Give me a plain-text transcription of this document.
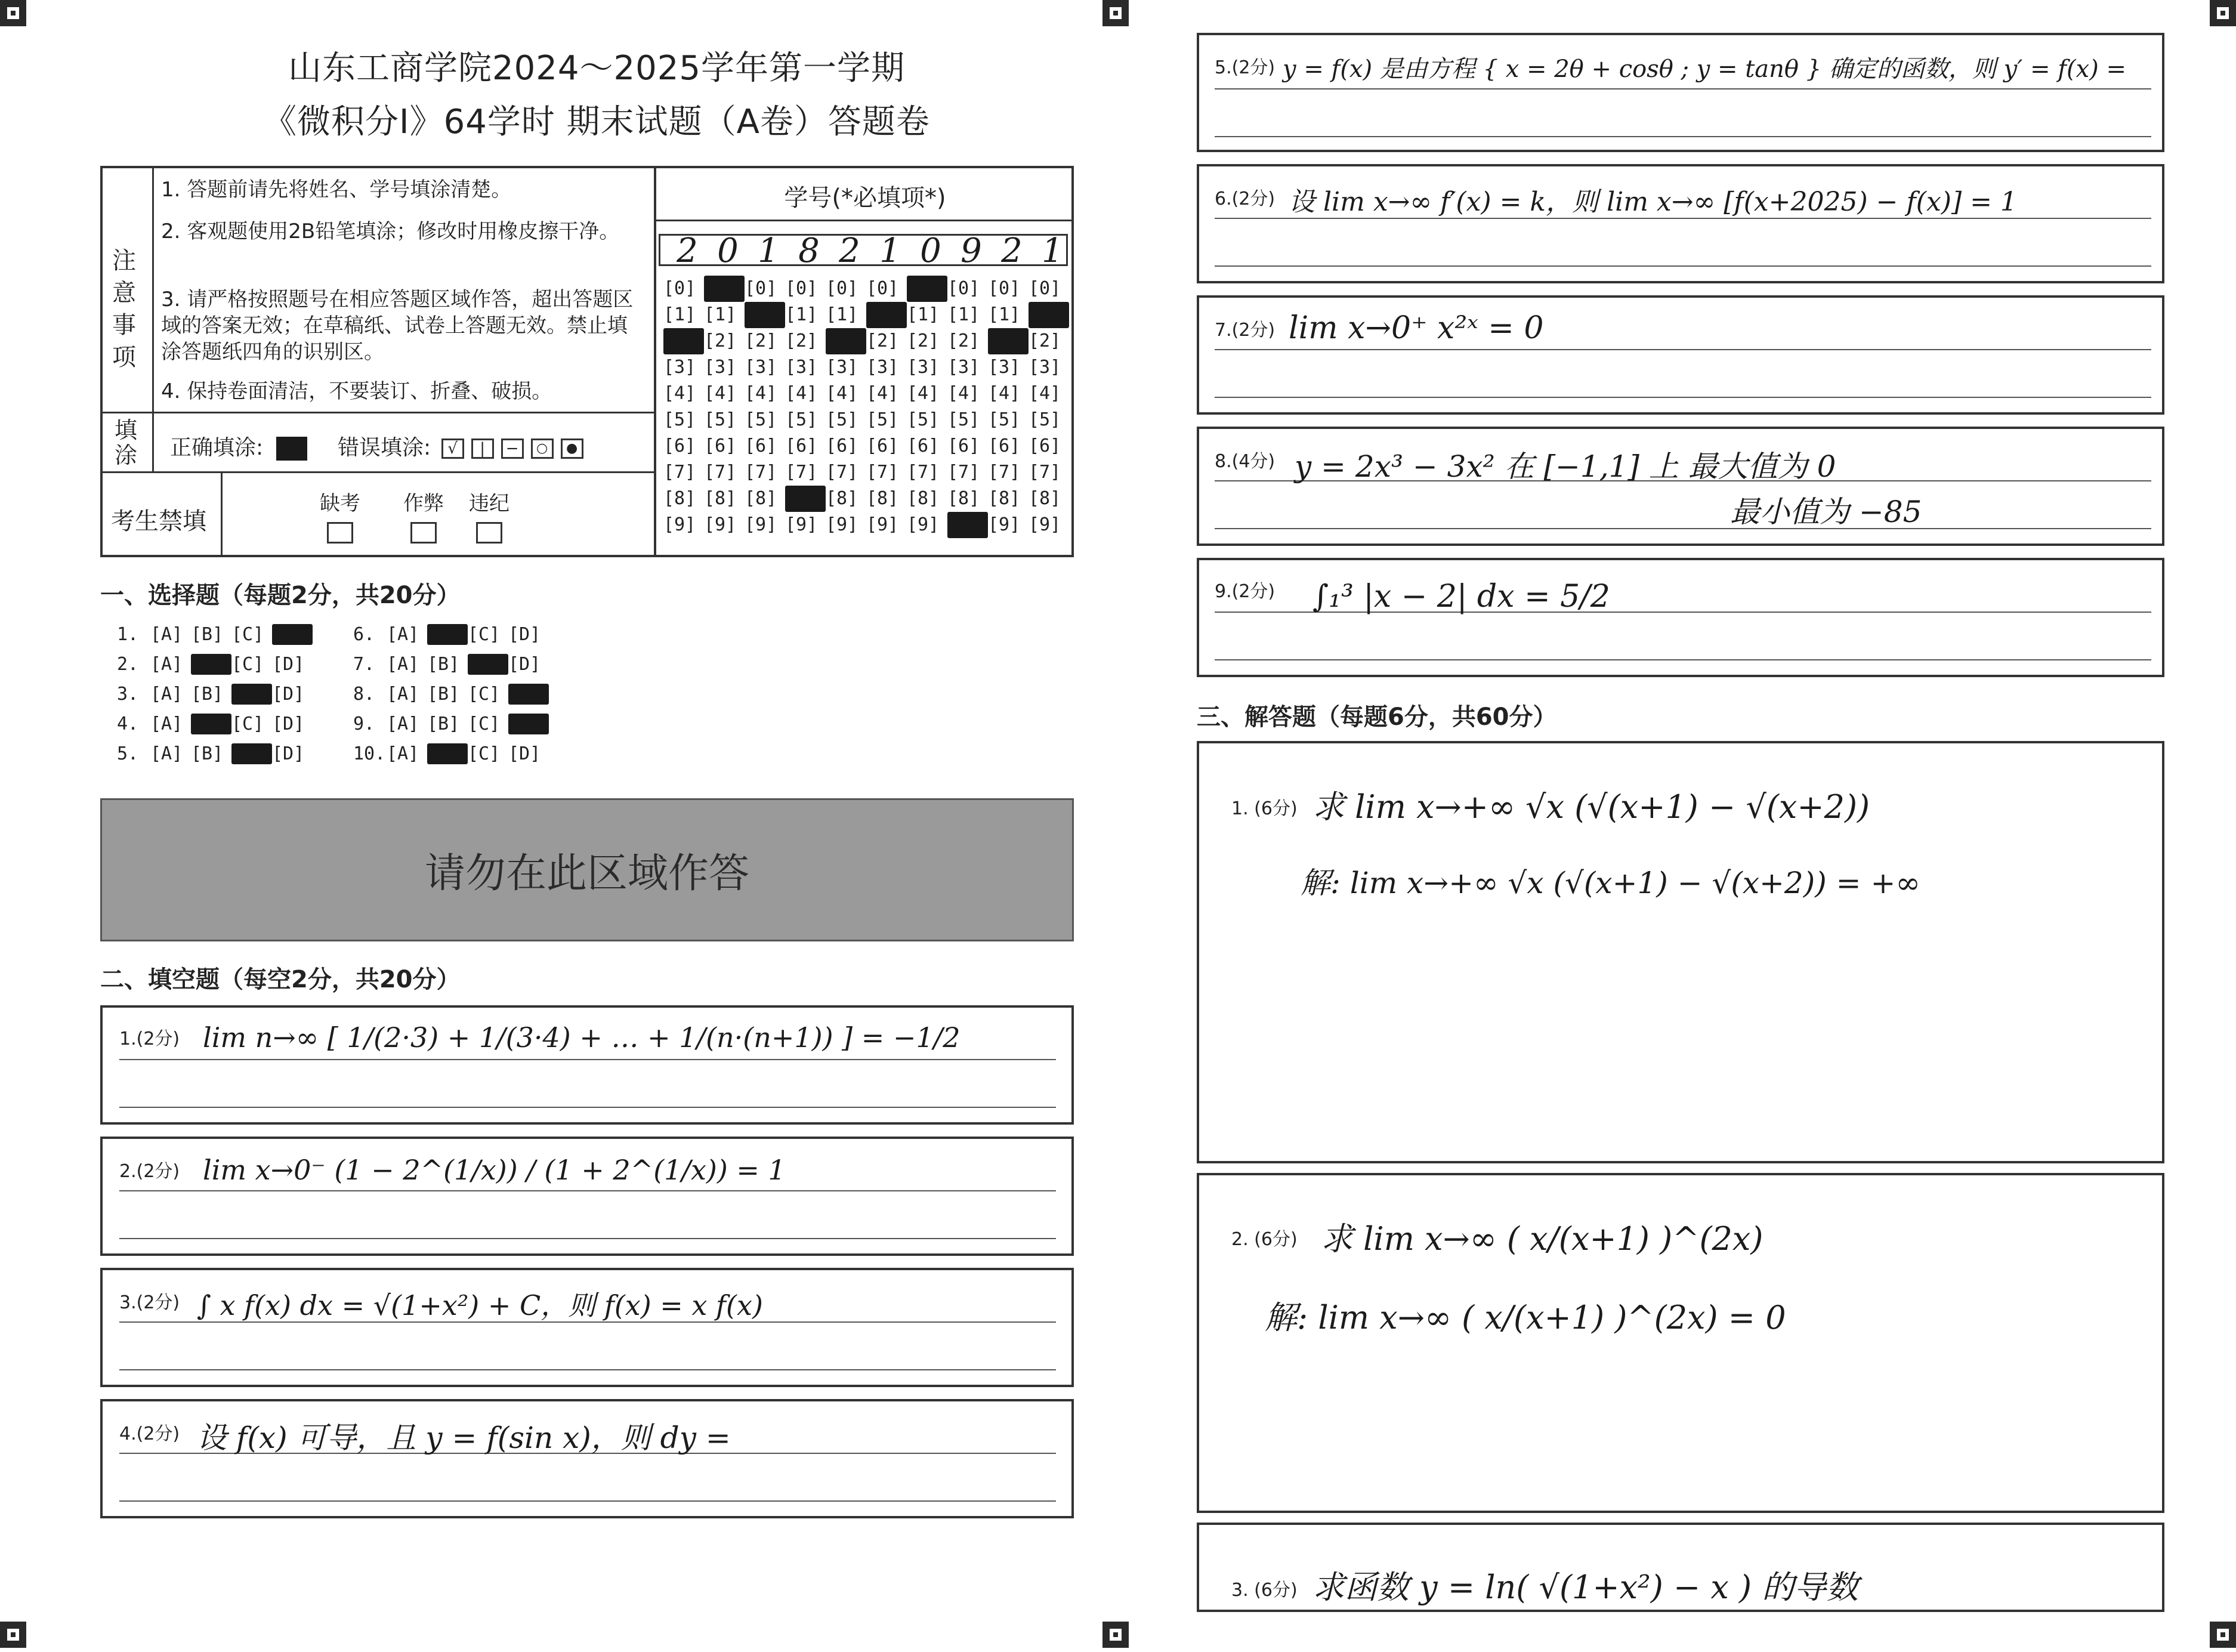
山东工商学院2024～2025学年第一学期
《微积分I》64学时 期末试题（A卷）答题卷
注意事项
1. 答题前请先将姓名、学号填涂清楚。
2. 客观题使用2B铅笔填涂；修改时用橡皮擦干净。
3. 请严格按照题号在相应答题区域作答，超出答题区域的答案无效；在草稿纸、试卷上答题无效。禁止填涂答题纸四角的识别区。
4. 保持卷面清洁，不要装订、折叠、破损。
填涂 正确填涂:	错误填涂: √ | − ○ ●
考生禁填
缺考 作弊 违纪
学号(*必填项*)
2 0 1 8 2 1 0 9 2 1
[0] [0] [0] [0] [0] [0] [0] [0] [0] [0]
[1] [1] [1] [1] [1] [1] [1] [1] [1] [1]
[2] [2] [2] [2] [2] [2] [2] [2] [2] [2]
[3] [3] [3] [3] [3] [3] [3] [3] [3] [3]
[4] [4] [4] [4] [4] [4] [4] [4] [4] [4]
[5] [5] [5] [5] [5] [5] [5] [5] [5] [5]
[6] [6] [6] [6] [6] [6] [6] [6] [6] [6]
[7] [7] [7] [7] [7] [7] [7] [7] [7] [7]
[8] [8] [8] [8] [8] [8] [8] [8] [8] [8]
[9] [9] [9] [9] [9] [9] [9] [9] [9] [9]
一、选择题（每题2分，共20分）
1. [A] [B] [C] [D]
2. [A] [B] [C] [D]
3. [A] [B] [C] [D]
4. [A] [B] [C] [D]
5. [A] [B] [C] [D]
6. [A] [B] [C] [D]
7. [A] [B] [C] [D]
8. [A] [B] [C] [D]
9. [A] [B] [C] [D]
10.[A] [B] [C] [D]
请勿在此区域作答
二、填空题（每空2分，共20分）
1.(2分) lim n→∞ [ 1/(2·3) + 1/(3·4) + … + 1/(n·(n+1)) ] = −1/2
2.(2分) lim x→0⁻ (1 − 2^(1/x)) / (1 + 2^(1/x)) = 1
3.(2分) ∫ x f(x) dx = √(1+x²) + C，则 f(x) = x f(x)
4.(2分) 设 f(x) 可导，且 y = f(sin x)，则 dy =
5.(2分) y = f(x) 是由方程 { x = 2θ + cosθ ; y = tanθ } 确定的函数，则 y′ = f(x) =
6.(2分) 设 lim x→∞ f′(x) = k，则 lim x→∞ [f(x+2025) − f(x)] = 1
7.(2分) lim x→0⁺ x²ˣ = 0
8.(4分) y = 2x³ − 3x² 在 [−1,1] 上 最大值为 0
最小值为 −85
9.(2分) ∫₁³ |x − 2| dx = 5/2
三、解答题（每题6分，共60分）
1. (6分) 求 lim x→+∞ √x (√(x+1) − √(x+2))
解: lim x→+∞ √x (√(x+1) − √(x+2)) = +∞
2. (6分) 求 lim x→∞ ( x/(x+1) )^(2x)
解: lim x→∞ ( x/(x+1) )^(2x) = 0
3. (6分) 求函数 y = ln( √(1+x²) − x ) 的导数
